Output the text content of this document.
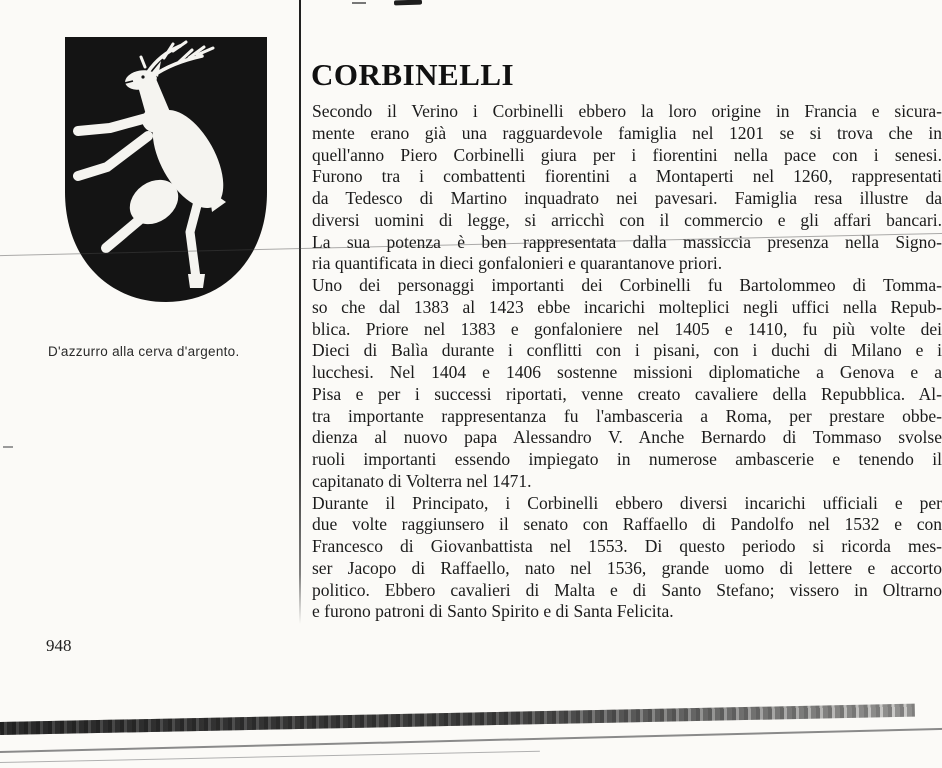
D'azzurro alla cerva d'argento.
CORBINELLI
Secondo il Verino i Corbinelli ebbero la loro origine in Francia e sicura-
mente erano già una ragguardevole famiglia nel 1201 se si trova che in
quell'anno Piero Corbinelli giura per i fiorentini nella pace con i senesi.
Furono tra i combattenti fiorentini a Montaperti nel 1260, rappresentati
da Tedesco di Martino inquadrato nei pavesari. Famiglia resa illustre da
diversi uomini di legge, si arricchì con il commercio e gli affari bancari.
La sua potenza è ben rappresentata dalla massiccia presenza nella Signo-
ria quantificata in dieci gonfalonieri e quarantanove priori.
Uno dei personaggi importanti dei Corbinelli fu Bartolommeo di Tomma-
so che dal 1383 al 1423 ebbe incarichi molteplici negli uffici nella Repub-
blica. Priore nel 1383 e gonfaloniere nel 1405 e 1410, fu più volte dei
Dieci di Balìa durante i conflitti con i pisani, con i duchi di Milano e i
lucchesi. Nel 1404 e 1406 sostenne missioni diplomatiche a Genova e a
Pisa e per i successi riportati, venne creato cavaliere della Repubblica. Al-
tra importante rappresentanza fu l'ambasceria a Roma, per prestare obbe-
dienza al nuovo papa Alessandro V. Anche Bernardo di Tommaso svolse
ruoli importanti essendo impiegato in numerose ambascerie e tenendo il
capitanato di Volterra nel 1471.
Durante il Principato, i Corbinelli ebbero diversi incarichi ufficiali e per
due volte raggiunsero il senato con Raffaello di Pandolfo nel 1532 e con
Francesco di Giovanbattista nel 1553. Di questo periodo si ricorda mes-
ser Jacopo di Raffaello, nato nel 1536, grande uomo di lettere e accorto
politico. Ebbero cavalieri di Malta e di Santo Stefano; vissero in Oltrarno
e furono patroni di Santo Spirito e di Santa Felicita.
948
